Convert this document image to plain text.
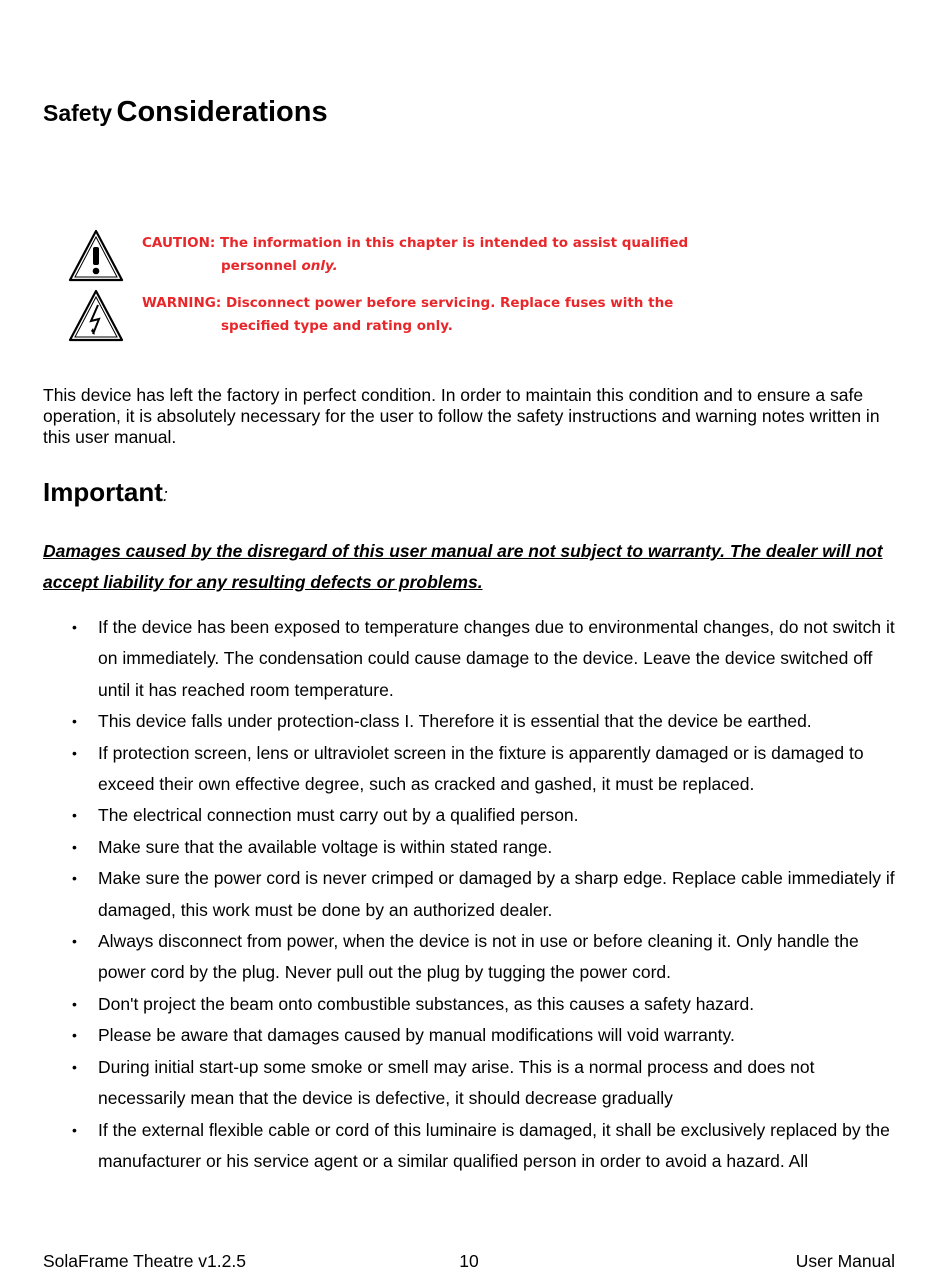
Safety Considerations
CAUTION: The information in this chapter is intended to assist qualified
personnel only.
WARNING: Disconnect power before servicing. Replace fuses with the
specified type and rating only.
This device has left the factory in perfect condition. In order to maintain this condition and to ensure a safe operation, it is absolutely necessary for the user to follow the safety instructions and warning notes written in this user manual.
Important:
Damages caused by the disregard of this user manual are not subject to warranty. The dealer will not accept liability for any resulting defects or problems.
• If the device has been exposed to temperature changes due to environmental changes, do not switch it on immediately. The condensation could cause damage to the device. Leave the device switched off until it has reached room temperature.
• This device falls under protection-class I. Therefore it is essential that the device be earthed.
• If protection screen, lens or ultraviolet screen in the fixture is apparently damaged or is damaged to exceed their own effective degree, such as cracked and gashed, it must be replaced.
• The electrical connection must carry out by a qualified person.
• Make sure that the available voltage is within stated range.
• Make sure the power cord is never crimped or damaged by a sharp edge. Replace cable immediately if damaged, this work must be done by an authorized dealer.
• Always disconnect from power, when the device is not in use or before cleaning it. Only handle the power cord by the plug. Never pull out the plug by tugging the power cord.
• Don't project the beam onto combustible substances, as this causes a safety hazard.
• Please be aware that damages caused by manual modifications will void warranty.
• During initial start-up some smoke or smell may arise. This is a normal process and does not necessarily mean that the device is defective, it should decrease gradually
• If the external flexible cable or cord of this luminaire is damaged, it shall be exclusively replaced by the manufacturer or his service agent or a similar qualified person in order to avoid a hazard. All
SolaFrame Theatre v1.2.5	10	User Manual
